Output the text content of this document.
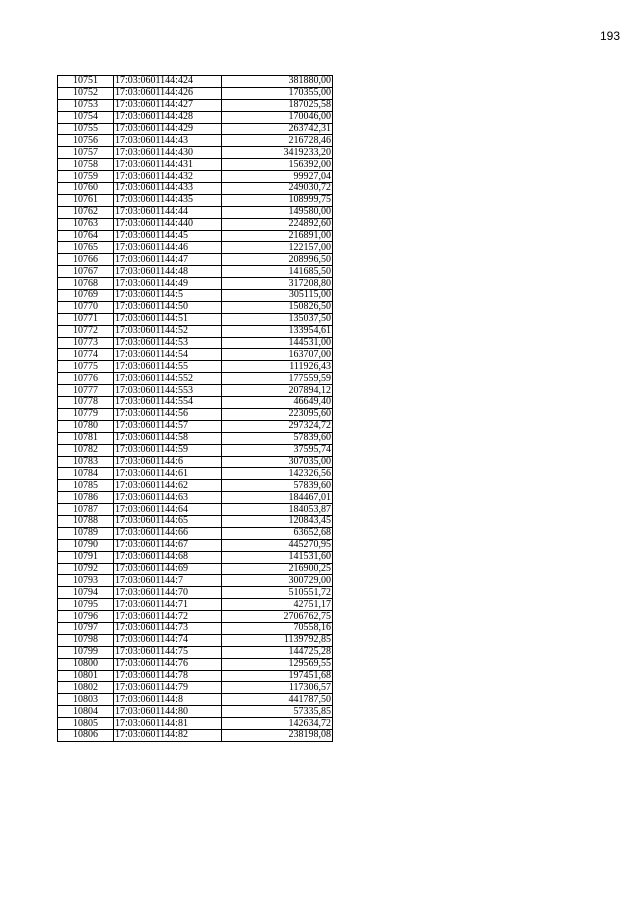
193
10751	17:03:0601144:424	381880,00
10752	17:03:0601144:426	170355,00
10753	17:03:0601144:427	187025,58
10754	17:03:0601144:428	170046,00
10755	17:03:0601144:429	263742,31
10756	17:03:0601144:43	216728,46
10757	17:03:0601144:430	3419233,20
10758	17:03:0601144:431	156392,00
10759	17:03:0601144:432	99927,04
10760	17:03:0601144:433	249030,72
10761	17:03:0601144:435	108999,75
10762	17:03:0601144:44	149580,00
10763	17:03:0601144:440	224892,60
10764	17:03:0601144:45	216891,00
10765	17:03:0601144:46	122157,00
10766	17:03:0601144:47	208996,50
10767	17:03:0601144:48	141685,50
10768	17:03:0601144:49	317208,80
10769	17:03:0601144:5	305115,00
10770	17:03:0601144:50	150826,50
10771	17:03:0601144:51	135037,50
10772	17:03:0601144:52	133954,61
10773	17:03:0601144:53	144531,00
10774	17:03:0601144:54	163707,00
10775	17:03:0601144:55	111926,43
10776	17:03:0601144:552	177559,59
10777	17:03:0601144:553	207894,12
10778	17:03:0601144:554	46649,40
10779	17:03:0601144:56	223095,60
10780	17:03:0601144:57	297324,72
10781	17:03:0601144:58	57839,60
10782	17:03:0601144:59	37595,74
10783	17:03:0601144:6	307035,00
10784	17:03:0601144:61	142326,56
10785	17:03:0601144:62	57839,60
10786	17:03:0601144:63	184467,01
10787	17:03:0601144:64	184053,87
10788	17:03:0601144:65	120843,45
10789	17:03:0601144:66	63652,68
10790	17:03:0601144:67	445270,95
10791	17:03:0601144:68	141531,60
10792	17:03:0601144:69	216900,25
10793	17:03:0601144:7	300729,00
10794	17:03:0601144:70	510551,72
10795	17:03:0601144:71	42751,17
10796	17:03:0601144:72	2706762,75
10797	17:03:0601144:73	70558,16
10798	17:03:0601144:74	1139792,85
10799	17:03:0601144:75	144725,28
10800	17:03:0601144:76	129569,55
10801	17:03:0601144:78	197451,68
10802	17:03:0601144:79	117306,57
10803	17:03:0601144:8	441787,50
10804	17:03:0601144:80	57335,85
10805	17:03:0601144:81	142634,72
10806	17:03:0601144:82	238198,08
